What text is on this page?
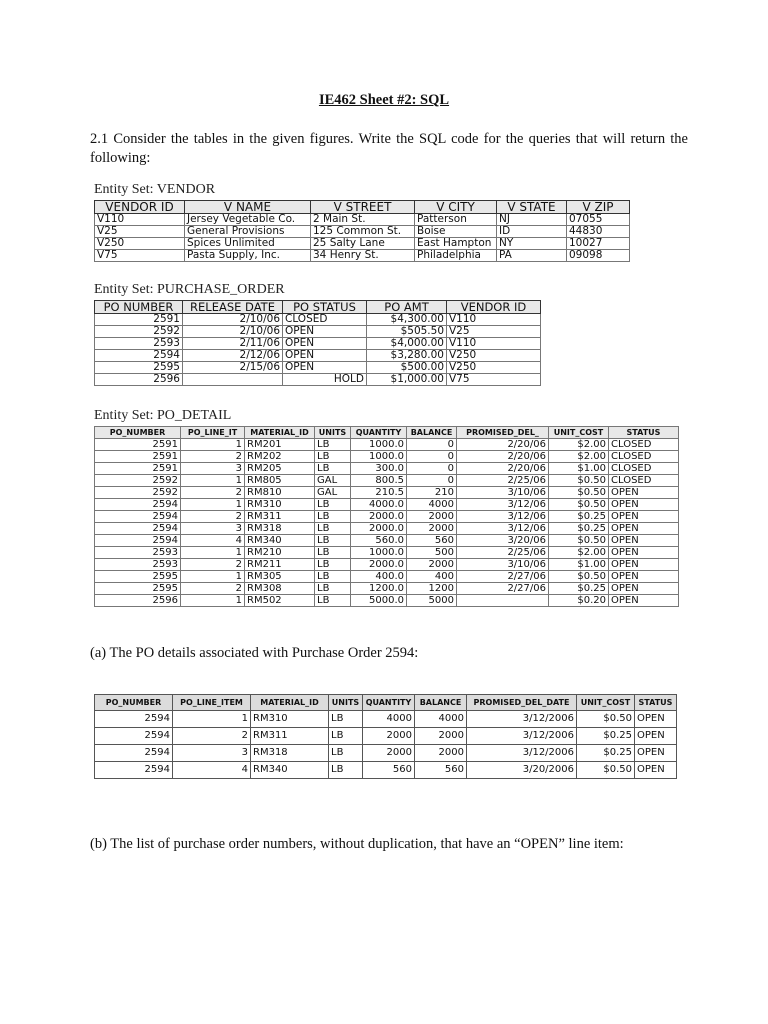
IE462 Sheet #2: SQL
2.1 Consider the tables in the given figures. Write the SQL code for the queries that will return the following:
Entity Set: VENDOR
VENDOR ID	V NAME	V STREET	V CITY	V STATE	V ZIP
V110	Jersey Vegetable Co.	2 Main St.	Patterson	NJ	07055
V25	General Provisions	125 Common St.	Boise	ID	44830
V250	Spices Unlimited	25 Salty Lane	East Hampton	NY	10027
V75	Pasta Supply, Inc.	34 Henry St.	Philadelphia	PA	09098
Entity Set: PURCHASE_ORDER
PO NUMBER	RELEASE DATE	PO STATUS	PO AMT	VENDOR ID
2591	2/10/06	CLOSED	$4,300.00	V110
2592	2/10/06	OPEN	$505.50	V25
2593	2/11/06	OPEN	$4,000.00	V110
2594	2/12/06	OPEN	$3,280.00	V250
2595	2/15/06	OPEN	$500.00	V250
2596		HOLD	$1,000.00	V75
Entity Set: PO_DETAIL
PO_NUMBER	PO_LINE_IT	MATERIAL_ID	UNITS	QUANTITY	BALANCE	PROMISED_DEL_	UNIT_COST	STATUS
2591	1	RM201	LB	1000.0	0	2/20/06	$2.00	CLOSED
2591	2	RM202	LB	1000.0	0	2/20/06	$2.00	CLOSED
2591	3	RM205	LB	300.0	0	2/20/06	$1.00	CLOSED
2592	1	RM805	GAL	800.5	0	2/25/06	$0.50	CLOSED
2592	2	RM810	GAL	210.5	210	3/10/06	$0.50	OPEN
2594	1	RM310	LB	4000.0	4000	3/12/06	$0.50	OPEN
2594	2	RM311	LB	2000.0	2000	3/12/06	$0.25	OPEN
2594	3	RM318	LB	2000.0	2000	3/12/06	$0.25	OPEN
2594	4	RM340	LB	560.0	560	3/20/06	$0.50	OPEN
2593	1	RM210	LB	1000.0	500	2/25/06	$2.00	OPEN
2593	2	RM211	LB	2000.0	2000	3/10/06	$1.00	OPEN
2595	1	RM305	LB	400.0	400	2/27/06	$0.50	OPEN
2595	2	RM308	LB	1200.0	1200	2/27/06	$0.25	OPEN
2596	1	RM502	LB	5000.0	5000		$0.20	OPEN
(a) The PO details associated with Purchase Order 2594:
PO_NUMBER	PO_LINE_ITEM	MATERIAL_ID	UNITS	QUANTITY	BALANCE	PROMISED_DEL_DATE	UNIT_COST	STATUS
2594	1	RM310	LB	4000	4000	3/12/2006	$0.50	OPEN
2594	2	RM311	LB	2000	2000	3/12/2006	$0.25	OPEN
2594	3	RM318	LB	2000	2000	3/12/2006	$0.25	OPEN
2594	4	RM340	LB	560	560	3/20/2006	$0.50	OPEN
(b) The list of purchase order numbers, without duplication, that have an “OPEN” line item:
